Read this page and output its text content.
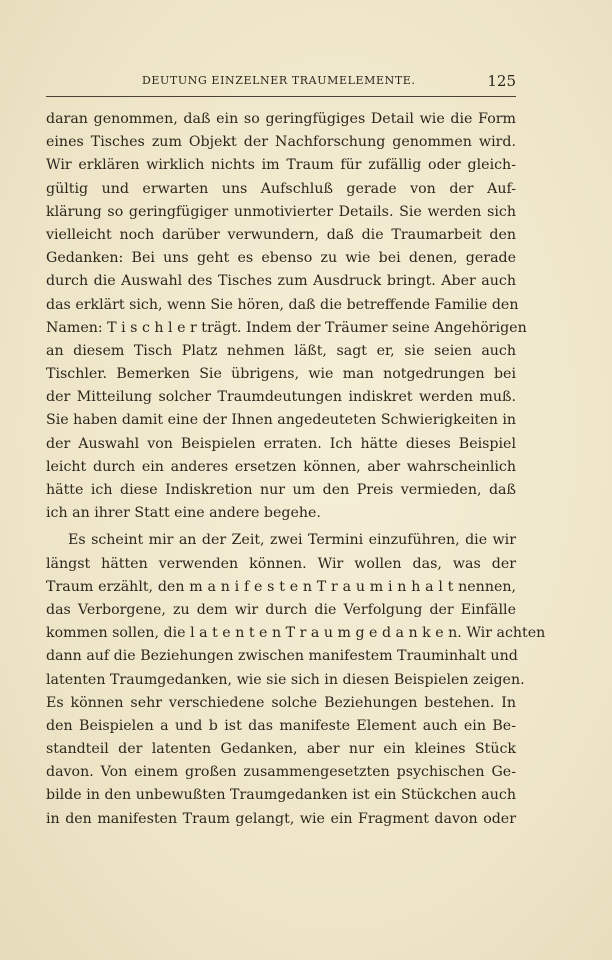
DEUTUNG EINZELNER TRAUMELEMENTE.	125
daran genommen, daß ein so geringfügiges Detail wie die Form
eines Tisches zum Objekt der Nachforschung genommen wird.
Wir erklären wirklich nichts im Traum für zufällig oder gleich-
gültig und erwarten uns Aufschluß gerade von der Auf-
klärung so geringfügiger unmotivierter Details. Sie werden sich
vielleicht noch darüber verwundern, daß die Traumarbeit den
Gedanken: Bei uns geht es ebenso zu wie bei denen, gerade
durch die Auswahl des Tisches zum Ausdruck bringt. Aber auch
das erklärt sich, wenn Sie hören, daß die betreffende Familie den
Namen: T i s c h l e r trägt. Indem der Träumer seine Angehörigen
an diesem Tisch Platz nehmen läßt, sagt er, sie seien auch
Tischler. Bemerken Sie übrigens, wie man notgedrungen bei
der Mitteilung solcher Traumdeutungen indiskret werden muß.
Sie haben damit eine der Ihnen angedeuteten Schwierigkeiten in
der Auswahl von Beispielen erraten. Ich hätte dieses Beispiel
leicht durch ein anderes ersetzen können, aber wahrscheinlich
hätte ich diese Indiskretion nur um den Preis vermieden, daß
ich an ihrer Statt eine andere begehe.
Es scheint mir an der Zeit, zwei Termini einzuführen, die wir
längst hätten verwenden können. Wir wollen das, was der
Traum erzählt, den m a n i f e s t e n T r a u m i n h a l t nennen,
das Verborgene, zu dem wir durch die Verfolgung der Einfälle
kommen sollen, die l a t e n t e n T r a u m g e d a n k e n. Wir achten
dann auf die Beziehungen zwischen manifestem Trauminhalt und
latenten Traumgedanken, wie sie sich in diesen Beispielen zeigen.
Es können sehr verschiedene solche Beziehungen bestehen. In
den Beispielen a und b ist das manifeste Element auch ein Be-
standteil der latenten Gedanken, aber nur ein kleines Stück
davon. Von einem großen zusammengesetzten psychischen Ge-
bilde in den unbewußten Traumgedanken ist ein Stückchen auch
in den manifesten Traum gelangt, wie ein Fragment davon oder
